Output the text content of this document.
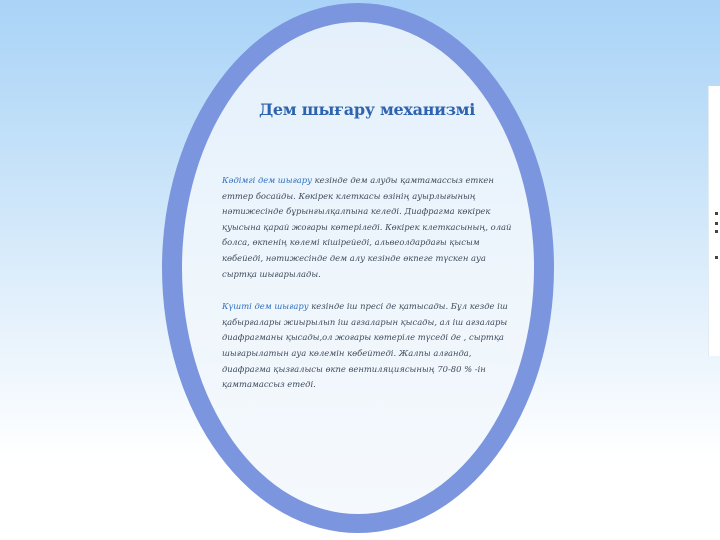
Дем шығару механизмі

Кәдімгі дем шығару кезінде дем алуды қамтамассыз еткен еттер босайды. Көкірек клеткасы өзінің ауырлығының нәтижесінде бұрынғылқалпына келеді. Диафрагма көкірек қуысына қарай жоғары көтеріледі. Көкірек клеткасының, олай болса, өкпенің көлемі кішірейеді, альвеолдардағы қысым көбейеді, нәтижесінде дем алу кезінде өкпеге түскен ауа сыртқа шығарылады.

Күшті дем шығару кезінде іш пресі де қатысады. Бұл кезде іш қабырғалары жиырылып іш ағзаларын қысады, ал іш ағзалары диафрагманы қысады,ол жоғары көтеріле түседі де , сыртқа шығарылатын ауа көлемін көбейтеді. Жалпы алғанда, диафрагма қызғалысы өкпе вентиляциясының 70-80 % -ін қамтамассыз етеді.
